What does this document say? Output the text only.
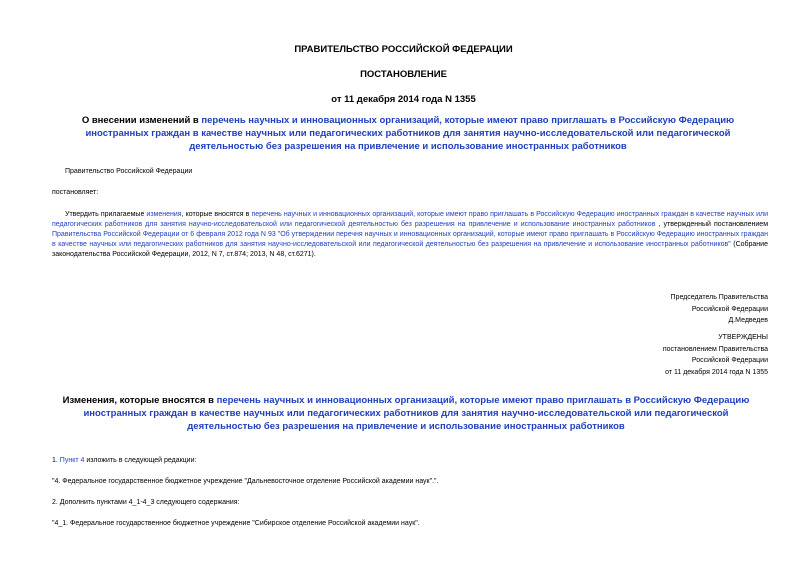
ПРАВИТЕЛЬСТВО РОССИЙСКОЙ ФЕДЕРАЦИИ
ПОСТАНОВЛЕНИЕ
от 11 декабря 2014 года N 1355
О внесении изменений в перечень научных и инновационных организаций, которые имеют право приглашать в Российскую Федерацию иностранных граждан в качестве научных или педагогических работников для занятия научно-исследовательской или педагогической деятельностью без разрешения на привлечение и использование иностранных работников
Правительство Российской Федерации
постановляет:
Утвердить прилагаемые изменения, которые вносятся в перечень научных и инновационных организаций, которые имеют право приглашать в Российскую Федерацию иностранных граждан в качестве научных или педагогических работников для занятия научно-исследовательской или педагогической деятельностью без разрешения на привлечение и использование иностранных работников , утвержденный постановлением Правительства Российской Федерации от 6 февраля 2012 года N 93 "Об утверждении перечня научных и инновационных организаций, которые имеют право приглашать в Российскую Федерацию иностранных граждан в качестве научных или педагогических работников для занятия научно-исследовательской или педагогической деятельностью без разрешения на привлечение и использование иностранных работников" (Собрание законодательства Российской Федерации, 2012, N 7, ст.874; 2013, N 48, ст.6271).
Председатель Правительства
Российской Федерации
Д.Медведев
УТВЕРЖДЕНЫ
постановлением Правительства
Российской Федерации
от 11 декабря 2014 года N 1355
Изменения, которые вносятся в перечень научных и инновационных организаций, которые имеют право приглашать в Российскую Федерацию иностранных граждан в качестве научных или педагогических работников для занятия научно-исследовательской или педагогической деятельностью без разрешения на привлечение и использование иностранных работников
1. Пункт 4 изложить в следующей редакции:
"4. Федеральное государственное бюджетное учреждение "Дальневосточное отделение Российской академии наук".".
2. Дополнить пунктами 4_1-4_3 следующего содержания:
"4_1. Федеральное государственное бюджетное учреждение "Сибирское отделение Российской академии наук".
